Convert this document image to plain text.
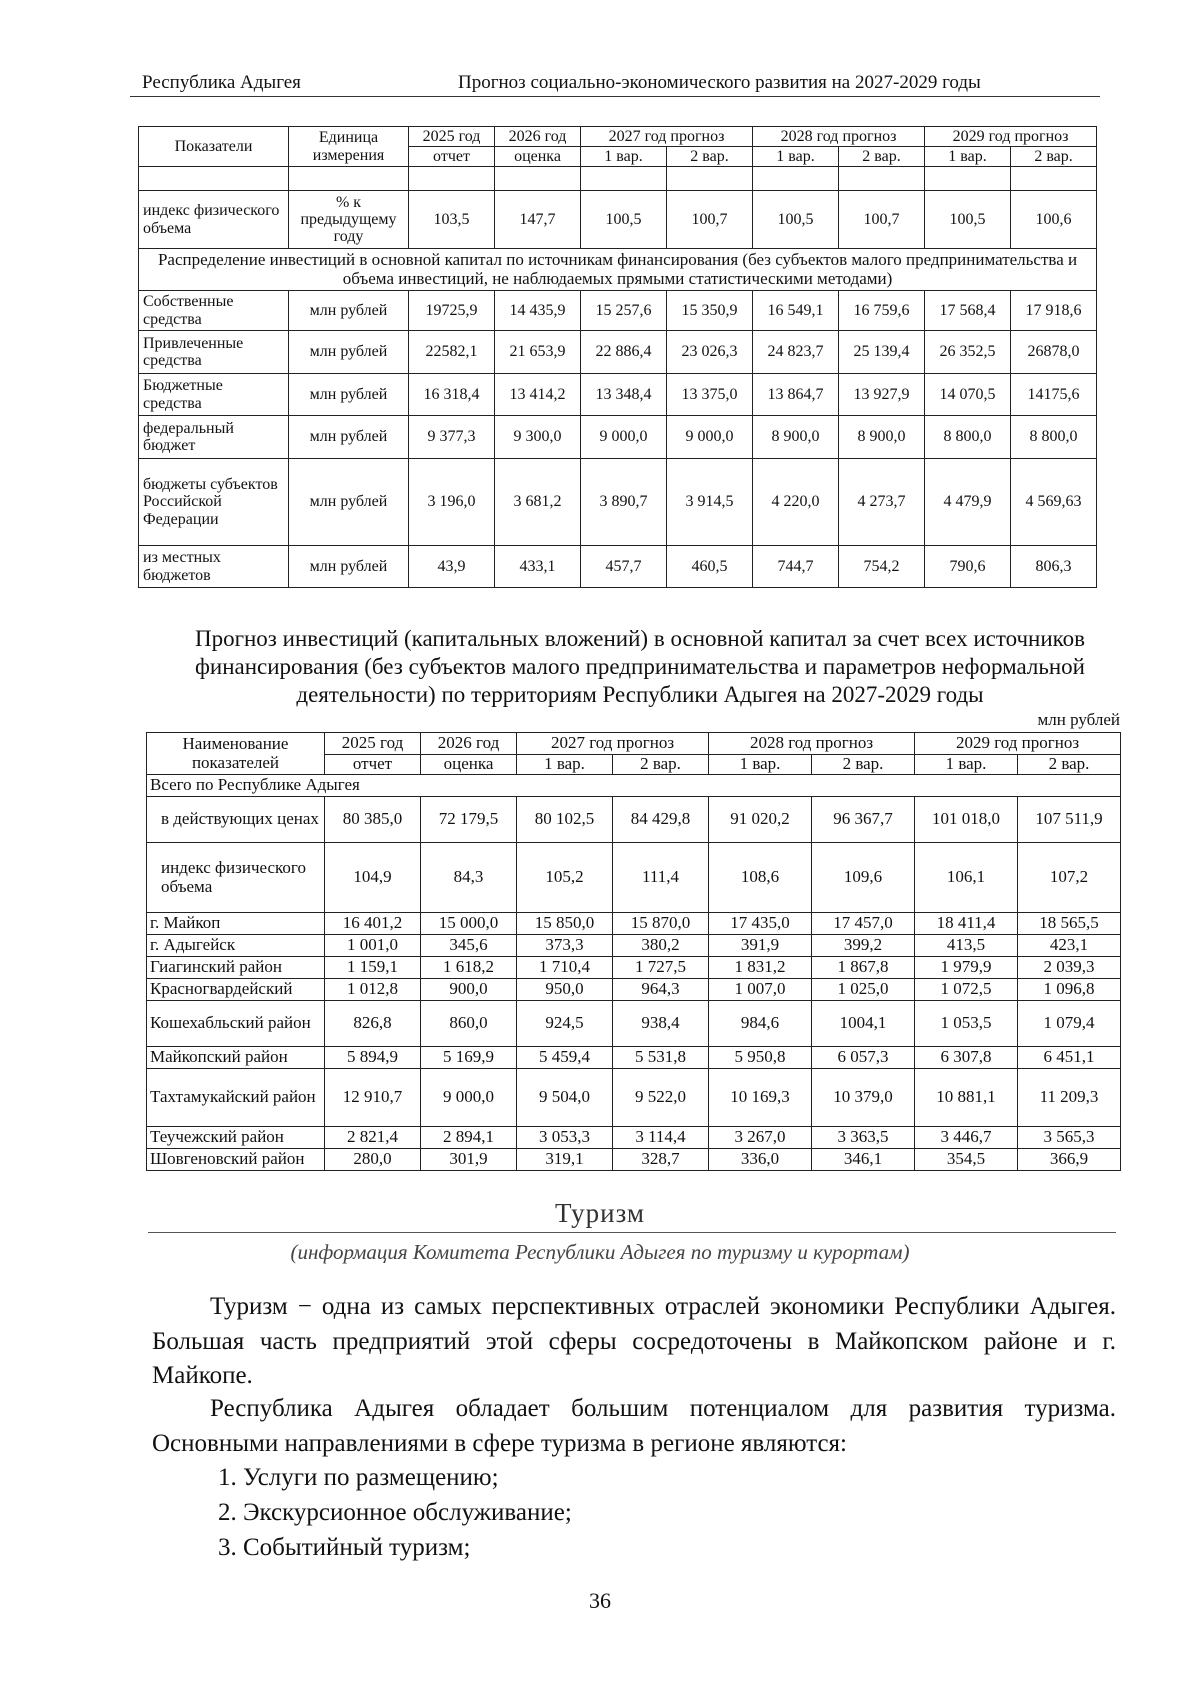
Республика Адыгея	Прогноз социально-экономического развития на 2027-2029 годы
Показатели	Единица измерения	2025 год	2026 год	2027 год прогноз		2028 год прогноз		2029 год прогноз	
		отчет	оценка	1 вар.	2 вар.	1 вар.	2 вар.	1 вар.	2 вар.

индекс физического объема	% к предыдущему году	103,5	147,7	100,5	100,7	100,5	100,7	100,5	100,6
Распределение инвестиций в основной капитал по источникам финансирования (без субъектов малого предпринимательства и объема инвестиций, не наблюдаемых прямыми статистическими методами)									
Собственные средства	млн рублей	19725,9	14 435,9	15 257,6	15 350,9	16 549,1	16 759,6	17 568,4	17 918,6
Привлеченные средства	млн рублей	22582,1	21 653,9	22 886,4	23 026,3	24 823,7	25 139,4	26 352,5	26878,0
Бюджетные средства	млн рублей	16 318,4	13 414,2	13 348,4	13 375,0	13 864,7	13 927,9	14 070,5	14175,6
федеральный бюджет	млн рублей	9 377,3	9 300,0	9 000,0	9 000,0	8 900,0	8 900,0	8 800,0	8 800,0
бюджеты субъектов Российской Федерации	млн рублей	3 196,0	3 681,2	3 890,7	3 914,5	4 220,0	4 273,7	4 479,9	4 569,63
из местных бюджетов	млн рублей	43,9	433,1	457,7	460,5	744,7	754,2	790,6	806,3
Прогноз инвестиций (капитальных вложений) в основной капитал за счет всех источников финансирования (без субъектов малого предпринимательства и параметров неформальной деятельности) по территориям Республики Адыгея на 2027-2029 годы
млн рублей
Наименование показателей	2025 год	2026 год	2027 год прогноз		2028 год прогноз		2029 год прогноз	
	отчет	оценка	1 вар.	2 вар.	1 вар.	2 вар.	1 вар.	2 вар.
Всего по Республике Адыгея								
в действующих ценах	80 385,0	72 179,5	80 102,5	84 429,8	91 020,2	96 367,7	101 018,0	107 511,9
индекс физического объема	104,9	84,3	105,2	111,4	108,6	109,6	106,1	107,2
г. Майкоп	16 401,2	15 000,0	15 850,0	15 870,0	17 435,0	17 457,0	18 411,4	18 565,5
г. Адыгейск	1 001,0	345,6	373,3	380,2	391,9	399,2	413,5	423,1
Гиагинский район	1 159,1	1 618,2	1 710,4	1 727,5	1 831,2	1 867,8	1 979,9	2 039,3
Красногвардейский	1 012,8	900,0	950,0	964,3	1 007,0	1 025,0	1 072,5	1 096,8
Кошехабльский район	826,8	860,0	924,5	938,4	984,6	1004,1	1 053,5	1 079,4
Майкопский район	5 894,9	5 169,9	5 459,4	5 531,8	5 950,8	6 057,3	6 307,8	6 451,1
Тахтамукайский район	12 910,7	9 000,0	9 504,0	9 522,0	10 169,3	10 379,0	10 881,1	11 209,3
Теучежский район	2 821,4	2 894,1	3 053,3	3 114,4	3 267,0	3 363,5	3 446,7	3 565,3
Шовгеновский район	280,0	301,9	319,1	328,7	336,0	346,1	354,5	366,9
Туризм
(информация Комитета Республики Адыгея по туризму и курортам)
Туризм − одна из самых перспективных отраслей экономики Республики Адыгея. Большая часть предприятий этой сферы сосредоточены в Майкопском районе и г. Майкопе.
Республика Адыгея обладает большим потенциалом для развития туризма. Основными направлениями в сфере туризма в регионе являются:
1. Услуги по размещению;
2. Экскурсионное обслуживание;
3. Событийный туризм;
36
